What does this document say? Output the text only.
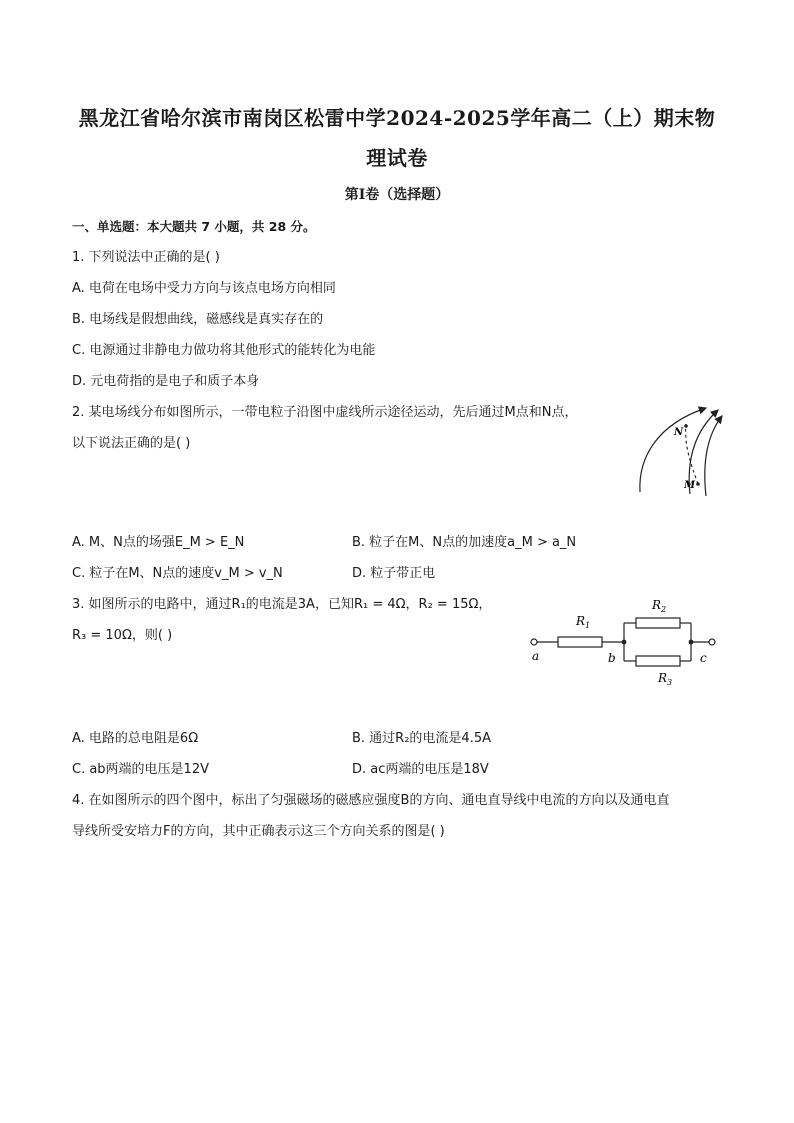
黑龙江省哈尔滨市南岗区松雷中学2024-2025学年高二（上）期末物
理试卷
第Ⅰ卷（选择题）
一、单选题：本大题共 7 小题，共 28 分。
1. 下列说法中正确的是( )
A. 电荷在电场中受力方向与该点电场方向相同
B. 电场线是假想曲线，磁感线是真实存在的
C. 电源通过非静电力做功将其他形式的能转化为电能
D. 元电荷指的是电子和质子本身
2. 某电场线分布如图所示，一带电粒子沿图中虚线所示途径运动，先后通过M点和N点，
以下说法正确的是( )
N
M
A. M、N点的场强E_M > E_N	B. 粒子在M、N点的加速度a_M > a_N
C. 粒子在M、N点的速度v_M > v_N	D. 粒子带正电
3. 如图所示的电路中，通过R₁的电流是3A，已知R₁ = 4Ω，R₂ = 15Ω，
R₃ = 10Ω，则( )
$R_1$
$R_2$
$R_3$
a	b	c
A. 电路的总电阻是6Ω	B. 通过R₂的电流是4.5A
C. ab两端的电压是12V	D. ac两端的电压是18V
4. 在如图所示的四个图中，标出了匀强磁场的磁感应强度B的方向、通电直导线中电流的方向以及通电直
导线所受安培力F的方向，其中正确表示这三个方向关系的图是( )
